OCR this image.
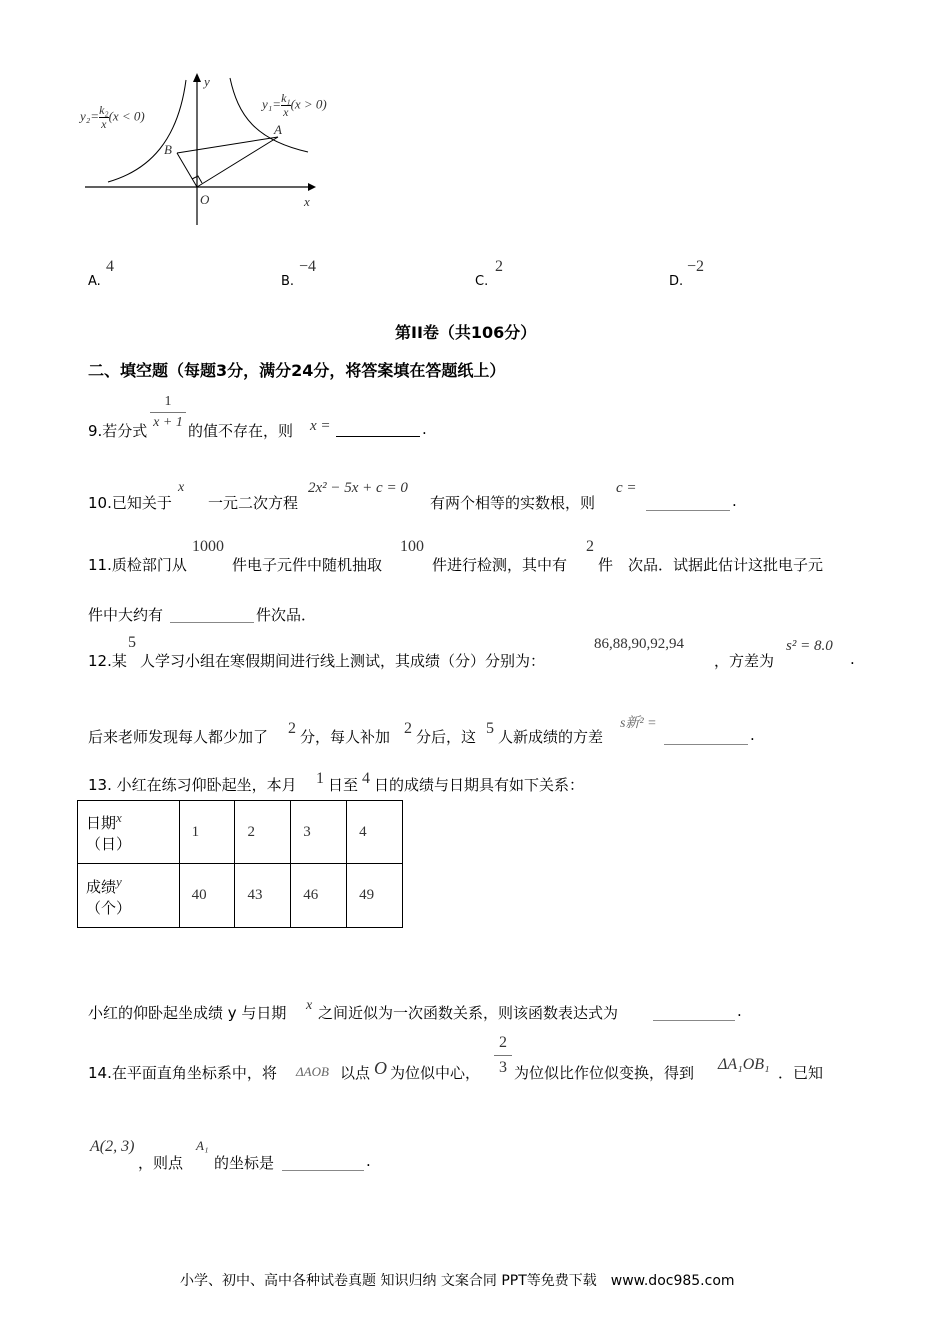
$y_2= \frac{\text{k₂}}{x} (x < 0)$
$y_1= \frac{\text{k₁}}{x} (x > 0)$
A
B
O	x
y
A.
4
B.
−4
C.
2
D.
−2
第II卷（共106分）
二、填空题（每题3分，满分24分，将答案填在答题纸上）
9.若分式 $\frac{1}{x + 1}$ 的值不存在，则 x =	.
10.已知关于
x
一元二次方程
2x² − 5x + c = 0
有两个相等的实数根，则
c =
.
11.质检部门从
1000
件电子元件中随机抽取
100
件进行检测，其中有
2
件　次品．试据此估计这批电子元
件中大约有	件次品．
12.某
5
人学习小组在寒假期间进行线上测试，其成绩（分）分别为：
86,88,90,92,94
，方差为
s² = 8.0
.
后来老师发现每人都少加了 2 分，每人补加 2 分后，这 5 人新成绩的方差
s新² =
.
13. 小红在练习仰卧起坐，本月 1 日至 4 日的成绩与日期具有如下关系：
日期x
（日）	1	2	3	4
成绩y
（个）	40	43	46	49
小红的仰卧起坐成绩 y 与日期 x 之间近似为一次函数关系，则该函数表达式为	.
14.在平面直角坐标系中，将 ΔAOB 以点 O 为位似中心， $\frac{2}{3}$ 为位似比作位似变换，得到 ΔA₁OB₁ ．已知
A(2, 3)
，则点
A₁
的坐标是	.
小学、初中、高中各种试卷真题 知识归纳 文案合同 PPT等免费下载　www.doc985.com
